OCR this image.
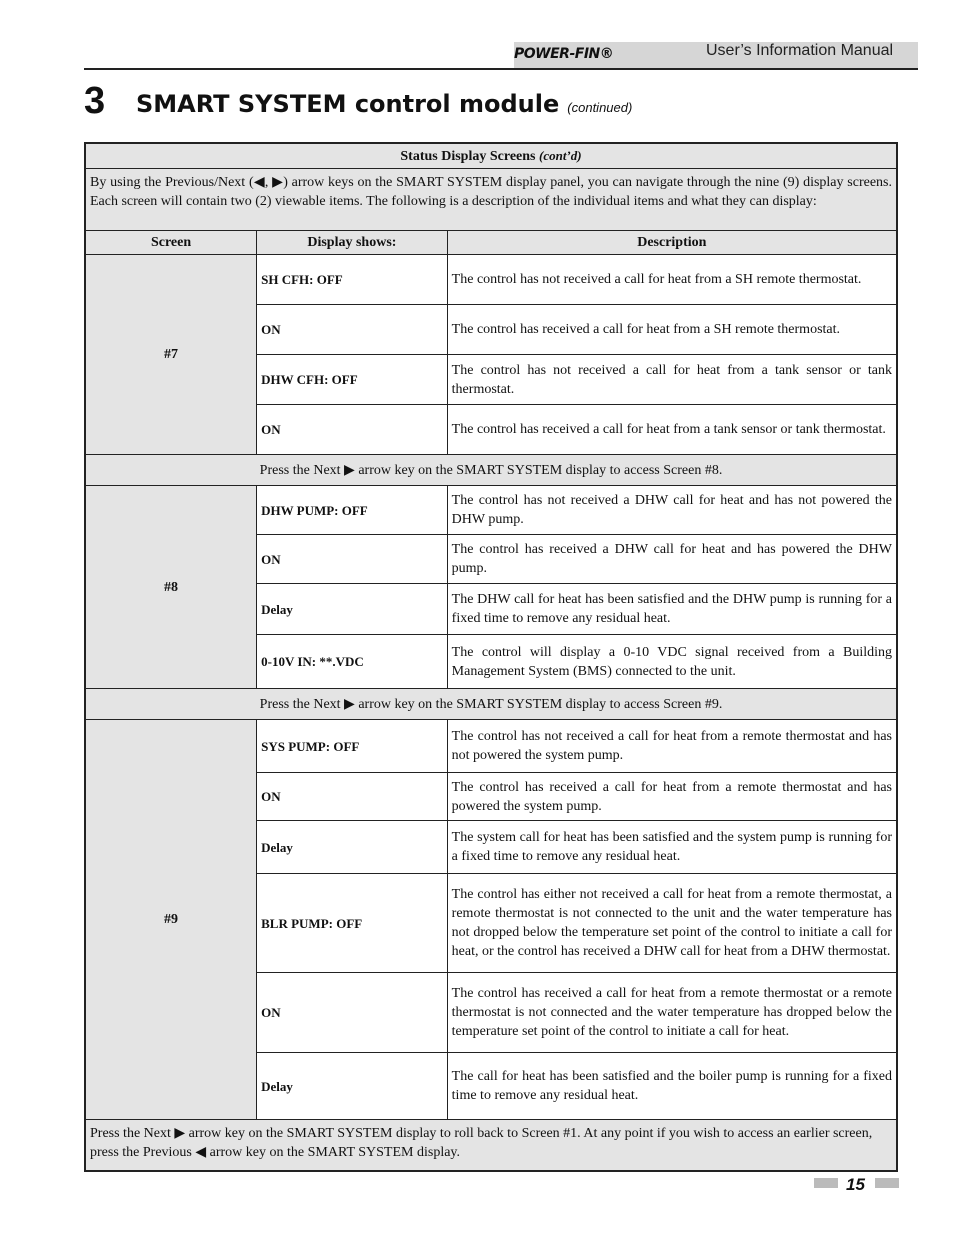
POWER-FIN®	User’s Information Manual
3 SMART SYSTEM control module (continued)
Status Display Screens (cont’d)		
By using the Previous/Next (◀, ▶) arrow keys on the SMART SYSTEM display panel, you can navigate through the nine (9) display screens. Each screen will contain two (2) viewable items. The following is a description of the individual items and what they can display:		
Screen	Display shows:	Description
#7	SH CFH: OFF	The control has not received a call for heat from a SH remote thermostat.
	ON	The control has received a call for heat from a SH remote thermostat.
	DHW CFH: OFF	The control has not received a call for heat from a tank sensor or tank thermostat.
	ON	The control has received a call for heat from a tank sensor or tank thermostat.
Press the Next ▶ arrow key on the SMART SYSTEM display to access Screen #8.		
#8	DHW PUMP: OFF	The control has not received a DHW call for heat and has not powered the DHW pump.
	ON	The control has received a DHW call for heat and has powered the DHW pump.
	Delay	The DHW call for heat has been satisfied and the DHW pump is running for a fixed time to remove any residual heat.
	0-10V IN: **.VDC	The control will display a 0-10 VDC signal received from a Building Management System (BMS) connected to the unit.
Press the Next ▶ arrow key on the SMART SYSTEM display to access Screen #9.		
#9	SYS PUMP: OFF	The control has not received a call for heat from a remote thermostat and has not powered the system pump.
	ON	The control has received a call for heat from a remote thermostat and has powered the system pump.
	Delay	The system call for heat has been satisfied and the system pump is running for a fixed time to remove any residual heat.
	BLR PUMP: OFF	The control has either not received a call for heat from a remote thermostat, a remote thermostat is not connected to the unit and the water temperature has not dropped below the temperature set point of the control to initiate a call for heat, or the control has received a DHW call for heat from a DHW thermostat.
	ON	The control has received a call for heat from a remote thermostat or a remote thermostat is not connected and the water temperature has dropped below the temperature set point of the control to initiate a call for heat.
	Delay	The call for heat has been satisfied and the boiler pump is running for a fixed time to remove any residual heat.
Press the Next ▶ arrow key on the SMART SYSTEM display to roll back to Screen #1. At any point if you wish to access an earlier screen, press the Previous ◀ arrow key on the SMART SYSTEM display.		
15
